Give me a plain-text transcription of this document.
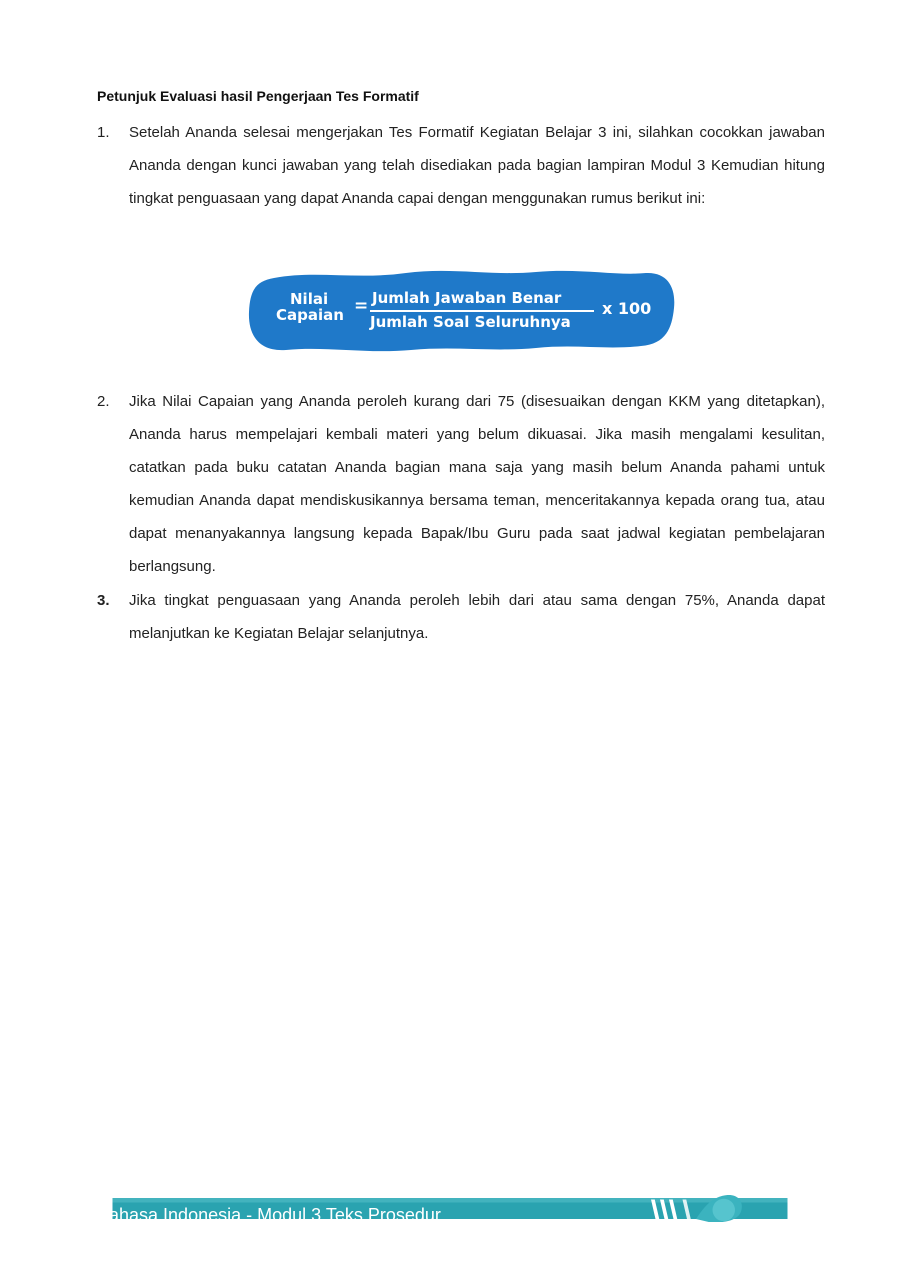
Petunjuk Evaluasi hasil Pengerjaan Tes Formatif
1.	Setelah Ananda selesai mengerjakan Tes Formatif Kegiatan Belajar 3 ini, silahkan cocokkan jawaban Ananda dengan kunci jawaban yang telah disediakan pada bagian lampiran Modul 3 Kemudian hitung tingkat penguasaan yang dapat Ananda capai dengan menggunakan rumus berikut ini:
Nilai
Capaian = Jumlah Jawaban Benar
Jumlah Soal Seluruhnya
x 100
2.	Jika Nilai Capaian yang Ananda peroleh kurang dari 75 (disesuaikan dengan KKM yang ditetapkan), Ananda harus mempelajari kembali materi yang belum dikuasai. Jika masih mengalami kesulitan, catatkan pada buku catatan Ananda bagian mana saja yang masih belum Ananda pahami untuk kemudian Ananda dapat mendiskusikannya bersama teman, menceritakannya kepada orang tua, atau dapat menanyakannya langsung kepada Bapak/Ibu Guru pada saat jadwal kegiatan pembelajaran berlangsung.
3.	Jika tingkat penguasaan yang Ananda peroleh lebih dari atau sama dengan 75%, Ananda dapat melanjutkan ke Kegiatan Belajar selanjutnya.
Bahasa Indonesia - Modul 3 Teks Prosedur	38
